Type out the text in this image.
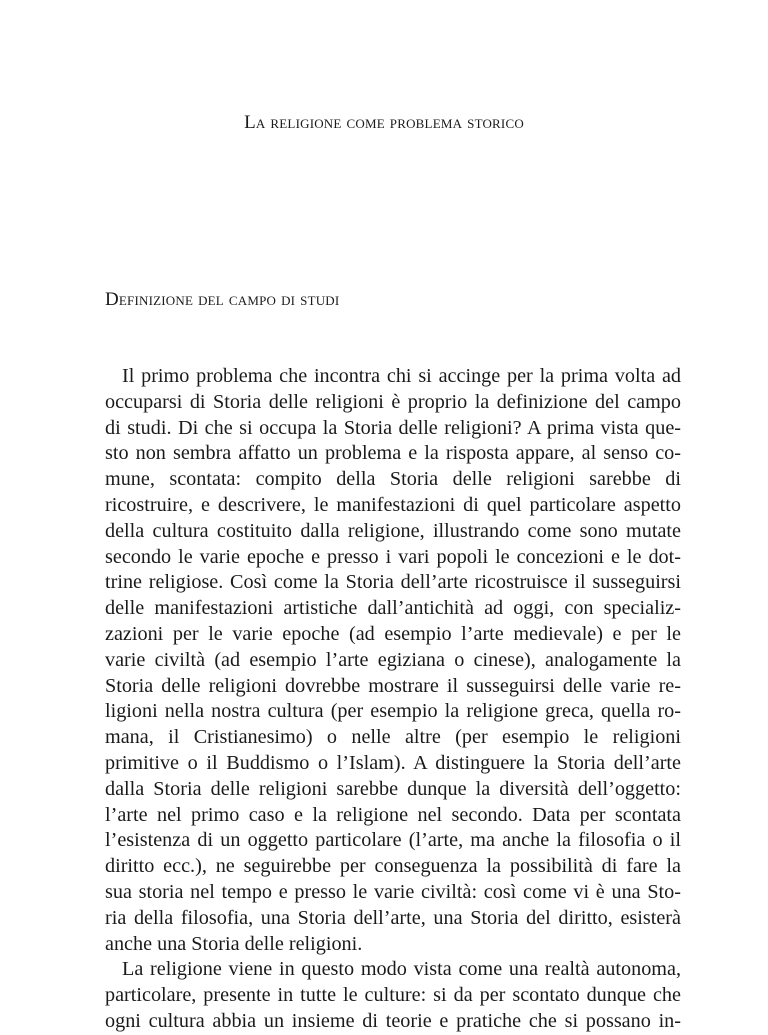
La religione come problema storico
Definizione del campo di studi
Il primo problema che incontra chi si accinge per la prima volta ad
occuparsi di Storia delle religioni è proprio la definizione del campo
di studi. Di che si occupa la Storia delle religioni? A prima vista que-
sto non sembra affatto un problema e la risposta appare, al senso co-
mune, scontata: compito della Storia delle religioni sarebbe di
ricostruire, e descrivere, le manifestazioni di quel particolare aspetto
della cultura costituito dalla religione, illustrando come sono mutate
secondo le varie epoche e presso i vari popoli le concezioni e le dot-
trine religiose. Così come la Storia dell’arte ricostruisce il susseguirsi
delle manifestazioni artistiche dall’antichità ad oggi, con specializ-
zazioni per le varie epoche (ad esempio l’arte medievale) e per le
varie civiltà (ad esempio l’arte egiziana o cinese), analogamente la
Storia delle religioni dovrebbe mostrare il susseguirsi delle varie re-
ligioni nella nostra cultura (per esempio la religione greca, quella ro-
mana, il Cristianesimo) o nelle altre (per esempio le religioni
primitive o il Buddismo o l’Islam). A distinguere la Storia dell’arte
dalla Storia delle religioni sarebbe dunque la diversità dell’oggetto:
l’arte nel primo caso e la religione nel secondo. Data per scontata
l’esistenza di un oggetto particolare (l’arte, ma anche la filosofia o il
diritto ecc.), ne seguirebbe per conseguenza la possibilità di fare la
sua storia nel tempo e presso le varie civiltà: così come vi è una Sto-
ria della filosofia, una Storia dell’arte, una Storia del diritto, esisterà
anche una Storia delle religioni.
La religione viene in questo modo vista come una realtà autonoma,
particolare, presente in tutte le culture: si da per scontato dunque che
ogni cultura abbia un insieme di teorie e pratiche che si possano in-
